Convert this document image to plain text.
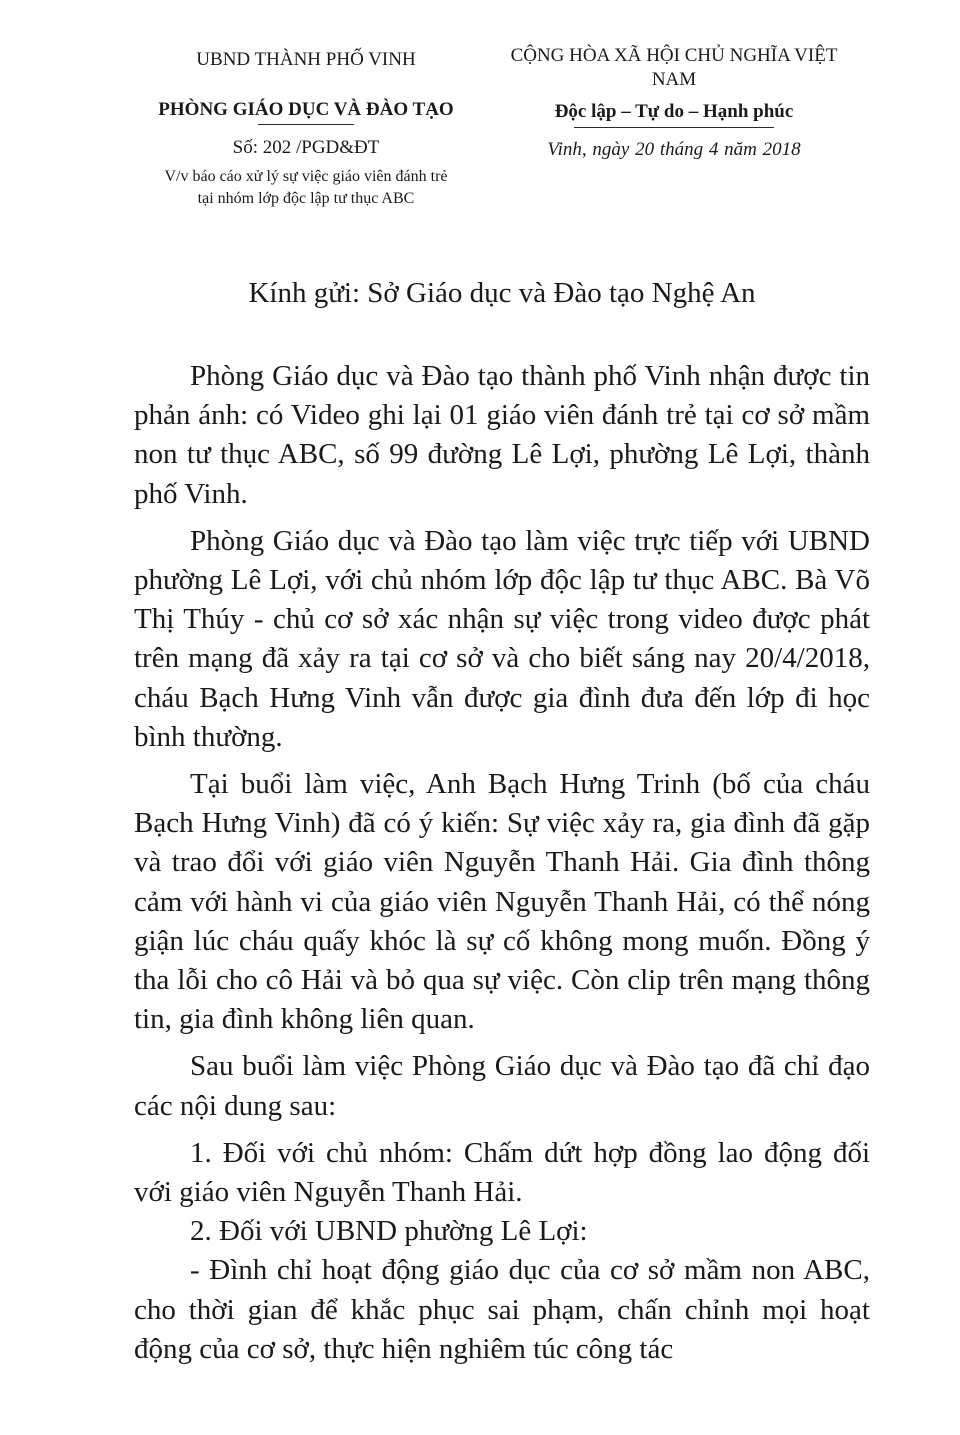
UBND THÀNH PHỐ VINH

PHÒNG GIÁO DỤC VÀ ĐÀO TẠO

Số: 202 /PGD&ĐT

V/v báo cáo xử lý sự việc giáo viên đánh trẻ
tại nhóm lớp độc lập tư thục ABC

CỘNG HÒA XÃ HỘI CHỦ NGHĨA VIỆT NAM

Độc lập – Tự do – Hạnh phúc

Vinh, ngày 20 tháng 4 năm 2018

Kính gửi: Sở Giáo dục và Đào tạo Nghệ An

Phòng Giáo dục và Đào tạo thành phố Vinh nhận được tin phản ánh: có Video ghi lại 01 giáo viên đánh trẻ tại cơ sở mầm non tư thục ABC, số 99 đường Lê Lợi, phường Lê Lợi, thành phố Vinh.

Phòng Giáo dục và Đào tạo làm việc trực tiếp với UBND phường Lê Lợi, với chủ nhóm lớp độc lập tư thục ABC. Bà Võ Thị Thúy - chủ cơ sở xác nhận sự việc trong video được phát trên mạng đã xảy ra tại cơ sở và cho biết sáng nay 20/4/2018, cháu Bạch Hưng Vinh vẫn được gia đình đưa đến lớp đi học bình thường.

Tại buổi làm việc, Anh Bạch Hưng Trinh (bố của cháu Bạch Hưng Vinh) đã có ý kiến: Sự việc xảy ra, gia đình đã gặp và trao đổi với giáo viên Nguyễn Thanh Hải. Gia đình thông cảm với hành vi của giáo viên Nguyễn Thanh Hải, có thể nóng giận lúc cháu quấy khóc là sự cố không mong muốn. Đồng ý tha lỗi cho cô Hải và bỏ qua sự việc. Còn clip trên mạng thông tin, gia đình không liên quan.

Sau buổi làm việc Phòng Giáo dục và Đào tạo đã chỉ đạo các nội dung sau:

1. Đối với chủ nhóm: Chấm dứt hợp đồng lao động đối với giáo viên Nguyễn Thanh Hải.

2. Đối với UBND phường Lê Lợi:

- Đình chỉ hoạt động giáo dục của cơ sở mầm non ABC, cho thời gian để khắc phục sai phạm, chấn chỉnh mọi hoạt động của cơ sở, thực hiện nghiêm túc công tác
